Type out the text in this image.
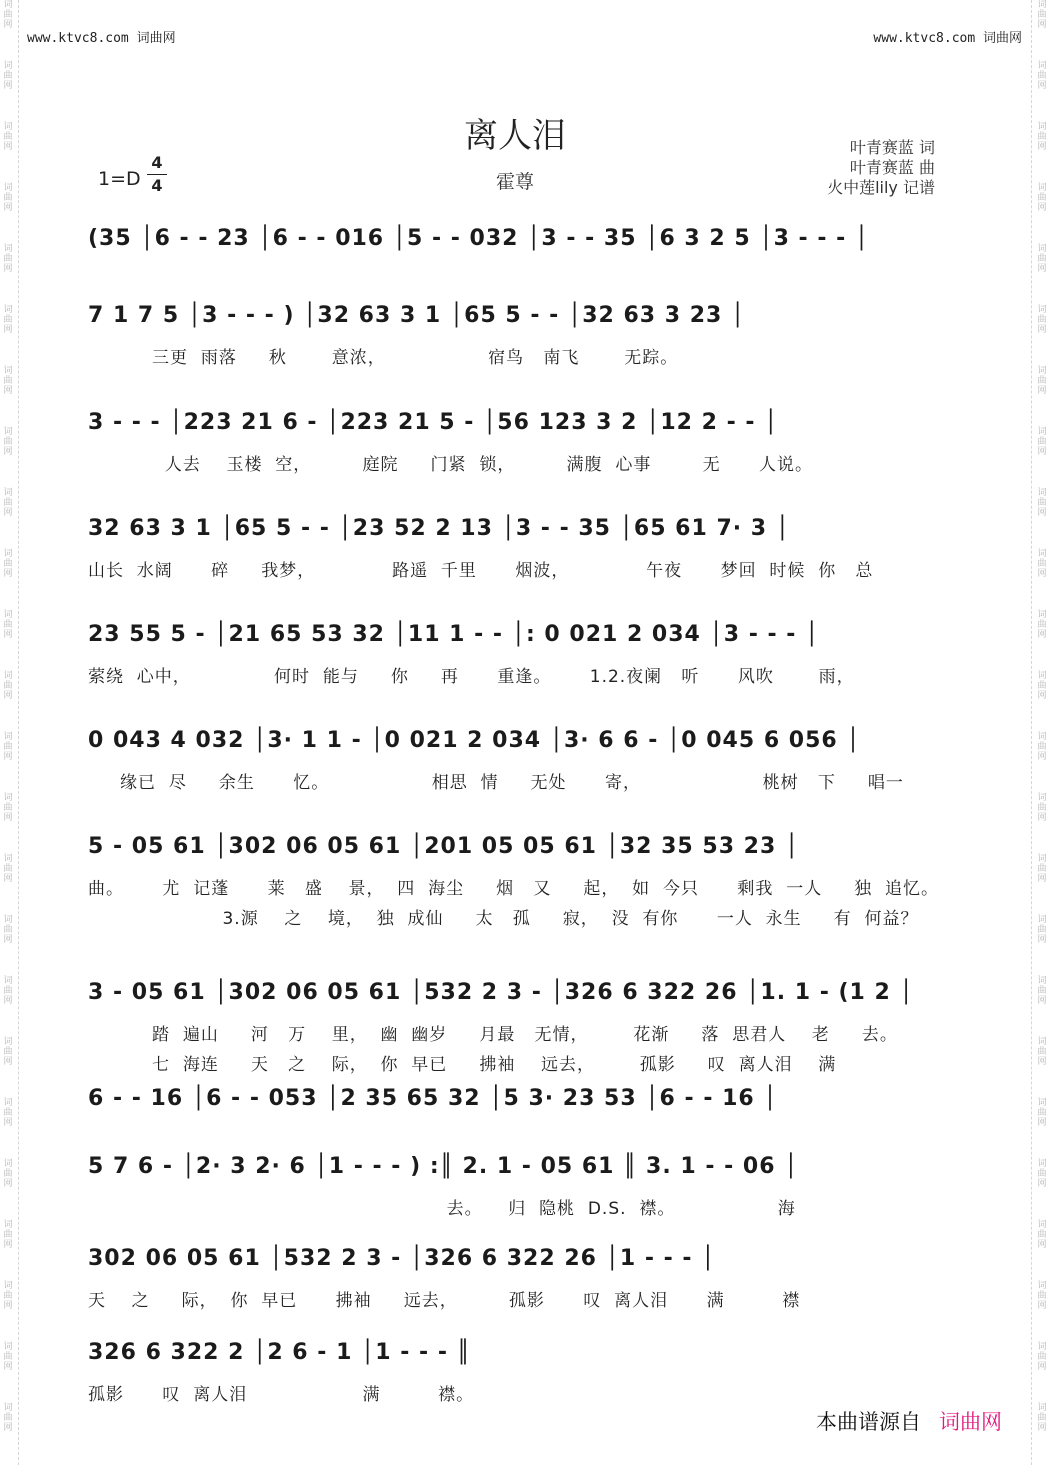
词
曲
网
词
曲
网
词
曲
网
词
曲
网
词
曲
网
词
曲
网
词
曲
网
词
曲
网
词
曲
网
词
曲
网
词
曲
网
词
曲
网
词
曲
网
词
曲
网
词
曲
网
词
曲
网
词
曲
网
词
曲
网
词
曲
网
词
曲
网
词
曲
网
词
曲
网
词
曲
网
词
曲
网
词
曲
网
词
曲
网
词
曲
网
词
曲
网
词
曲
网
词
曲
网
词
曲
网
词
曲
网
词
曲
网
词
曲
网
词
曲
网
词
曲
网
词
曲
网
词
曲
网
词
曲
网
词
曲
网
词
曲
网
词
曲
网
词
曲
网
词
曲
网
词
曲
网
词
曲
网
词
曲
网
词
曲
网
www.ktvc8.com 词曲网	www.ktvc8.com 词曲网
离人泪
霍尊
1=D
4
4
叶青赛蓝 词
叶青赛蓝 曲
火中莲lily 记谱
(35 │6 - - 23 │6 - - 016 │5 - - 032 │3 - - 35 │6 3 2 5 │3 - - - │
7 1 7 5 │3 - - - ) │32 63 3 1 │65 5 - - │32 63 3 23 │
三更  雨落     秋       意浓，                宿鸟   南飞       无踪。
3 - - - │223 21 6 - │223 21 5 - │56 123 3 2 │12 2 - - │
人去    玉楼  空，        庭院     门紧  锁，        满腹  心事        无      人说。
32 63 3 1 │65 5 - - │23 52 2 13 │3 - - 35 │65 61 7· 3 │
山长  水阔      碎     我梦，            路遥  千里      烟波，            午夜      梦回  时候  你   总
23 55 5 - │21 65 53 32 │11 1 - - │: 0 021 2 034 │3 - - - │
萦绕  心中，             何时  能与     你     再      重逢。      1.2.夜阑   听      风吹       雨，
0 043 4 032 │3· 1 1 - │0 021 2 034 │3· 6 6 - │0 045 6 056 │
缘已  尽     余生      忆。                相思  情     无处      寄，                   桃树   下     唱一
5 - 05 61 │302 06 05 61 │201 05 05 61 │32 35 53 23 │
曲。      尤  记蓬      莱   盛    景，  四  海尘     烟   又     起，  如  今只      剩我  一人     独  追忆。
3.源    之    境，  独  成仙     太   孤     寂，  没  有你      一人  永生     有  何益？
3 - 05 61 │302 06 05 61 │532 2 3 - │326 6 322 26 │1. 1 - (1 2 │
踏  遍山     河   万    里，  幽  幽岁     月最   无情，       花渐     落  思君人    老     去。
七  海连     天   之    际，  你  早已     拂袖    远去，       孤影     叹  离人泪    满
6 - - 16 │6 - - 053 │2 35 65 32 │5 3· 23 53 │6 - - 16 │
5 7 6 - │2· 3 2· 6 │1 - - - ) :║ 2. 1 - 05 61 ║ 3. 1 - - 06 │
去。    归  隐桃  D.S.  襟。                海
302 06 05 61 │532 2 3 - │326 6 322 26 │1 - - - │
天    之     际，  你  早已      拂袖     远去，        孤影      叹  离人泪      满         襟
326 6 322 2 │2 6 - 1 │1 - - - ║
孤影      叹  离人泪                  满         襟。
本曲谱源自 词曲网
